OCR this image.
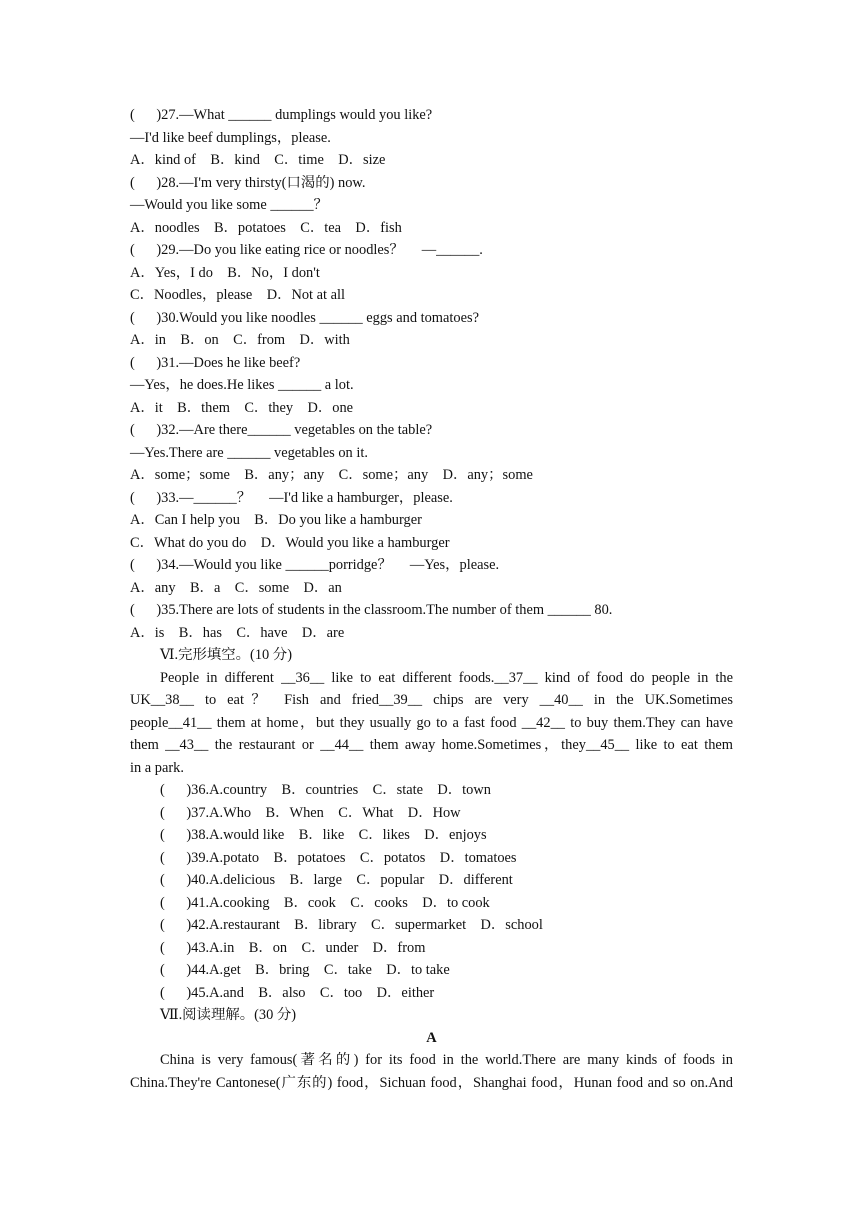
(      )27.—What ______ dumplings would you like?
—I'd like beef dumplings，please.
A．kind of    B．kind    C．time    D．size
(      )28.—I'm very thirsty(口渴的) now.
—Would you like some ______？
A．noodles    B．potatoes    C．tea    D．fish
(      )29.—Do you like eating rice or noodles？     —______.
A．Yes，I do    B．No，I don't
C．Noodles，please    D．Not at all
(      )30.Would you like noodles ______ eggs and tomatoes?
A．in    B．on    C．from    D．with
(      )31.—Does he like beef?
—Yes，he does.He likes ______ a lot.
A．it    B．them    C．they    D．one
(      )32.—Are there______ vegetables on the table?
—Yes.There are ______ vegetables on it.
A．some；some    B．any；any    C．some；any    D．any；some
(      )33.—______？     —I'd like a hamburger，please.
A．Can I help you    B．Do you like a hamburger
C．What do you do    D．Would you like a hamburger
(      )34.—Would you like ______porridge？     —Yes，please.
A．any    B．a    C．some    D．an
(      )35.There are lots of students in the classroom.The number of them ______ 80.
A．is    B．has    C．have    D．are
Ⅵ.完形填空。(10 分)
People in different __36__ like to eat different foods.__37__ kind of food do people in the
UK__38__ to eat？ Fish and fried__39__ chips are very __40__ in the UK.Sometimes
people__41__ them at home，but they usually go to a fast food __42__ to buy them.They can have
them __43__ the restaurant or __44__ them away home.Sometimes，they__45__ like to eat them
in a park.
(      )36.A.country    B．countries    C．state    D．town
(      )37.A.Who    B．When    C．What    D．How
(      )38.A.would like    B．like    C．likes    D．enjoys
(      )39.A.potato    B．potatoes    C．potatos    D．tomatoes
(      )40.A.delicious    B．large    C．popular    D．different
(      )41.A.cooking    B．cook    C．cooks    D．to cook
(      )42.A.restaurant    B．library    C．supermarket    D．school
(      )43.A.in    B．on    C．under    D．from
(      )44.A.get    B．bring    C．take    D．to take
(      )45.A.and    B．also    C．too    D．either
Ⅶ.阅读理解。(30 分)
A
China is very famous(著名的) for its food in the world.There are many kinds of foods in
China.They're Cantonese(广东的) food，Sichuan food，Shanghai food，Hunan food and so on.And
